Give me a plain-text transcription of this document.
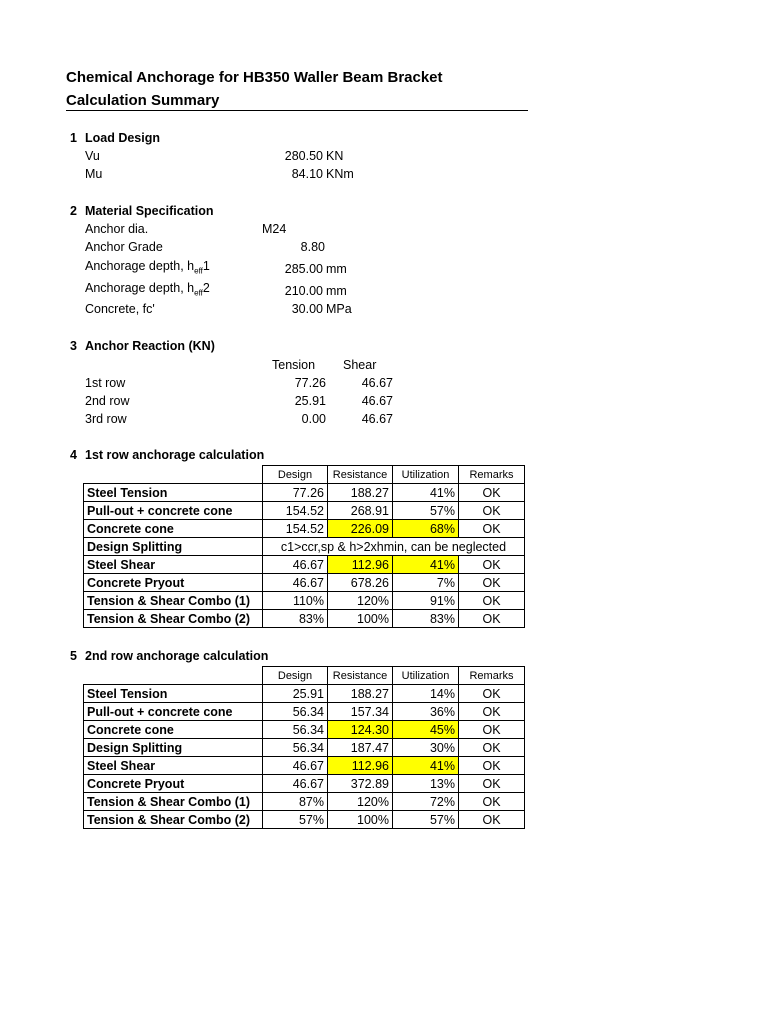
Chemical Anchorage for HB350 Waller Beam Bracket
Calculation Summary
1 Load Design
Vu	280.50 KN
Mu	84.10 KNm
2 Material Specification
Anchor dia.	M24
Anchor Grade	8.80
Anchorage depth, $h_{eff}1$	285.00 mm
Anchorage depth, $h_{eff}2$	210.00 mm
Concrete, fc'	30.00 MPa
3 Anchor Reaction (KN)
Tension Shear
1st row	77.26	46.67
2nd row	25.91	46.67
3rd row	0.00	46.67
4 1st row anchorage calculation
	Design	Resistance	Utilization	Remarks
Steel Tension	77.26	188.27	41%	OK
Pull-out + concrete cone	154.52	268.91	57%	OK
Concrete cone	154.52	226.09	68%	OK
Design Splitting	c1>ccr,sp & h>2xhmin, can be neglected			
Steel Shear	46.67	112.96	41%	OK
Concrete Pryout	46.67	678.26	7%	OK
Tension & Shear Combo (1)	110%	120%	91%	OK
Tension & Shear Combo (2)	83%	100%	83%	OK
5 2nd row anchorage calculation
	Design	Resistance	Utilization	Remarks
Steel Tension	25.91	188.27	14%	OK
Pull-out + concrete cone	56.34	157.34	36%	OK
Concrete cone	56.34	124.30	45%	OK
Design Splitting	56.34	187.47	30%	OK
Steel Shear	46.67	112.96	41%	OK
Concrete Pryout	46.67	372.89	13%	OK
Tension & Shear Combo (1)	87%	120%	72%	OK
Tension & Shear Combo (2)	57%	100%	57%	OK
